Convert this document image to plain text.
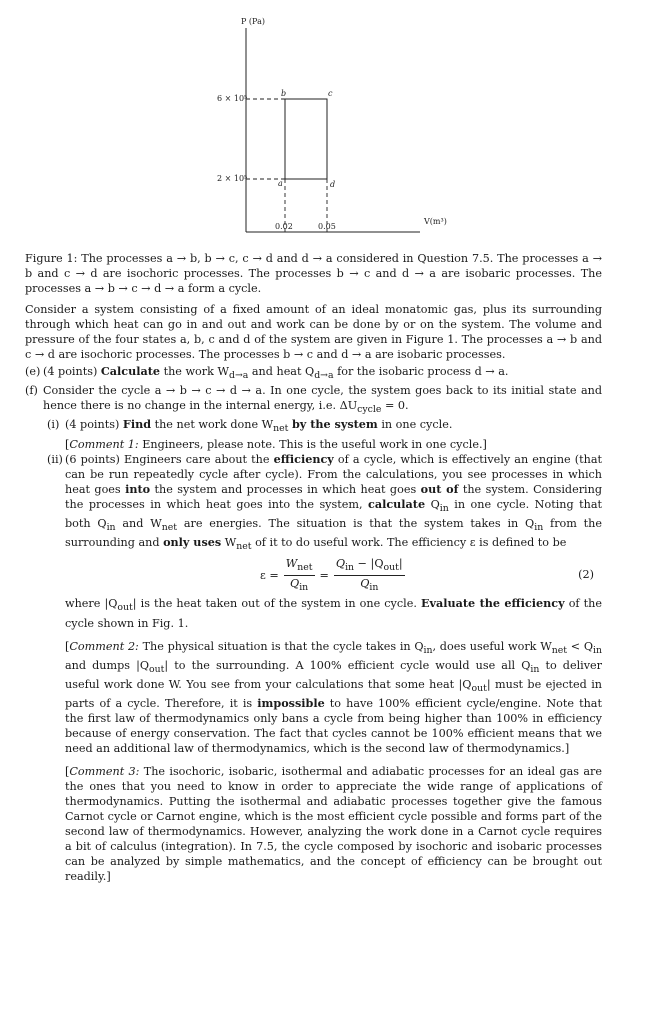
P (Pa)
V(m³)
6 × 10⁵
2 × 10⁵
0.02	0.05
a
b	c
d

Figure 1: The processes a → b, b → c, c → d and d → a considered in Question 7.5. The processes a → b and c → d are isochoric processes. The processes b → c and d → a are isobaric processes. The processes a → b → c → d → a form a cycle.

Consider a system consisting of a fixed amount of an ideal monatomic gas, plus its surrounding through which heat can go in and out and work can be done by or on the system. The volume and pressure of the four states a, b, c and d of the system are given in Figure 1. The processes a → b and c → d are isochoric processes. The processes b → c and d → a are isobaric processes.

(e) (4 points) Calculate the work $W_{d\to a}$ and heat $Q_{d\to a}$ for the isobaric process d → a.
(f) Consider the cycle a → b → c → d → a. In one cycle, the system goes back to its initial state and hence there is no change in the internal energy, i.e. $\Delta U_{cycle} = 0$.
(i) (4 points) Find the net work done $W_{net}$ by the system in one cycle.
[Comment 1: Engineers, please note. This is the useful work in one cycle.]
(ii) (6 points) Engineers care about the efficiency of a cycle, which is effectively an engine (that can be run repeatedly cycle after cycle). From the calculations, you see processes in which heat goes into the system and processes in which heat goes out of the system. Considering the processes in which heat goes into the system, calculate $Q_{in}$ in one cycle. Noting that both $Q_{in}$ and $W_{net}$ are energies. The situation is that the system takes in $Q_{in}$ from the surrounding and only uses $W_{net}$ of it to do useful work. The efficiency ε is defined to be
$\varepsilon = \frac{W_{net}}{Q_{in}} = \frac{Q_{in} - |Q_{out}|}{Q_{in}}$	(2)

where $|Q_{out}|$ is the heat taken out of the system in one cycle. Evaluate the efficiency of the cycle shown in Fig. 1.

[Comment 2: The physical situation is that the cycle takes in $Q_{in}$, does useful work $W_{net} < Q_{in}$ and dumps $|Q_{out}|$ to the surrounding. A 100% efficient cycle would use all $Q_{in}$ to deliver useful work done W. You see from your calculations that some heat $|Q_{out}|$ must be ejected in parts of a cycle. Therefore, it is impossible to have 100% efficient cycle/engine. Note that the first law of thermodynamics only bans a cycle from being higher than 100% in efficiency because of energy conservation. The fact that cycles cannot be 100% efficient means that we need an additional law of thermodynamics, which is the second law of thermodynamics.]

[Comment 3: The isochoric, isobaric, isothermal and adiabatic processes for an ideal gas are the ones that you need to know in order to appreciate the wide range of applications of thermodynamics. Putting the isothermal and adiabatic processes together give the famous Carnot cycle or Carnot engine, which is the most efficient cycle possible and forms part of the second law of thermodynamics. However, analyzing the work done in a Carnot cycle requires a bit of calculus (integration). In 7.5, the cycle composed by isochoric and isobaric processes can be analyzed by simple mathematics, and the concept of efficiency can be brought out readily.]
